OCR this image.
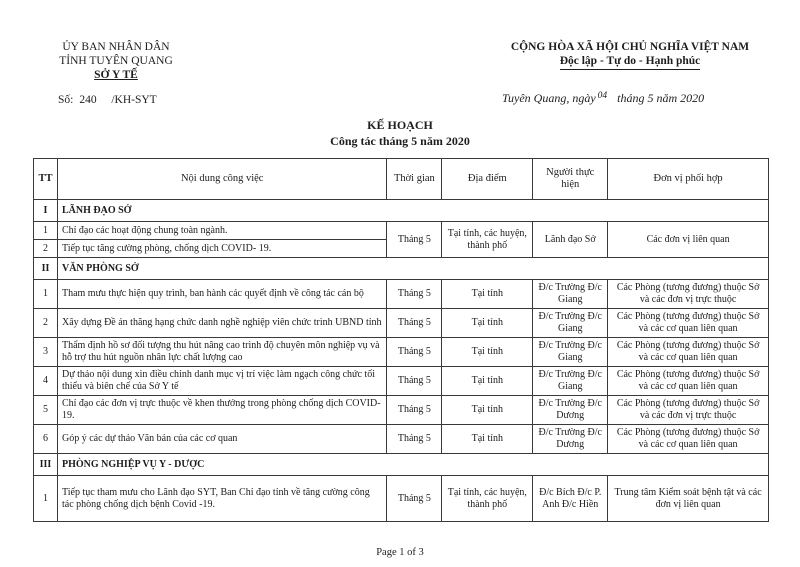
ỦY BAN NHÂN DÂN
TỈNH TUYÊN QUANG
SỞ Y TẾ
Số: 240 /KH-SYT
CỘNG HÒA XÃ HỘI CHỦ NGHĨA VIỆT NAM
Độc lập - Tự do - Hạnh phúc
Tuyên Quang, ngày $^{04}$ tháng 5 năm 2020
KẾ HOẠCH
Công tác tháng 5 năm 2020
TT	Nội dung công việc	Thời gian	Địa điểm	Người thực hiện	Đơn vị phối hợp
I	LÃNH ĐẠO SỞ				
1	Chỉ đạo các hoạt động chung toàn ngành.	Tháng 5	Tại tỉnh, các huyện, thành phố	Lãnh đạo Sở	Các đơn vị liên quan
2	Tiếp tục tăng cường phòng, chống dịch COVID- 19.				
II	VĂN PHÒNG SỞ				
1	Tham mưu thực hiện quy trình, ban hành các quyết định về công tác cán bộ	Tháng 5	Tại tỉnh	Đ/c Trường Đ/c Giang	Các Phòng (tương đương) thuộc Sở và các đơn vị trực thuộc
2	Xây dựng Đề án thăng hạng chức danh nghề nghiệp viên chức trình UBND tỉnh	Tháng 5	Tại tỉnh	Đ/c Trường Đ/c Giang	Các Phòng (tương đương) thuộc Sở và các cơ quan liên quan
3	Thẩm định hồ sơ đối tượng thu hút nâng cao trình độ chuyên môn nghiệp vụ và hỗ trợ thu hút nguồn nhân lực chất lượng cao	Tháng 5	Tại tỉnh	Đ/c Trường Đ/c Giang	Các Phòng (tương đương) thuộc Sở và các cơ quan liên quan
4	Dự thảo nội dung xin điều chỉnh danh mục vị trí việc làm ngạch công chức tối thiểu và biên chế của Sở Y tế	Tháng 5	Tại tỉnh	Đ/c Trường Đ/c Giang	Các Phòng (tương đương) thuộc Sở và các cơ quan liên quan
5	Chỉ đạo các đơn vị trực thuộc về khen thưởng trong phòng chống dịch COVID-19.	Tháng 5	Tại tỉnh	Đ/c Trường Đ/c Dương	Các Phòng (tương đương) thuộc Sở và các đơn vị trực thuộc
6	Góp ý các dự thảo Văn bản của các cơ quan	Tháng 5	Tại tỉnh	Đ/c Trường Đ/c Dương	Các Phòng (tương đương) thuộc Sở và các cơ quan liên quan
III	PHÒNG NGHIỆP VỤ Y - DƯỢC				
1	Tiếp tục tham mưu cho Lãnh đạo SYT, Ban Chỉ đạo tỉnh về tăng cường công tác phòng chống dịch bệnh Covid -19.	Tháng 5	Tại tỉnh, các huyện, thành phố	Đ/c Bích Đ/c P. Anh Đ/c Hiền	Trung tâm Kiểm soát bệnh tật và các đơn vị liên quan
Page 1 of 3
